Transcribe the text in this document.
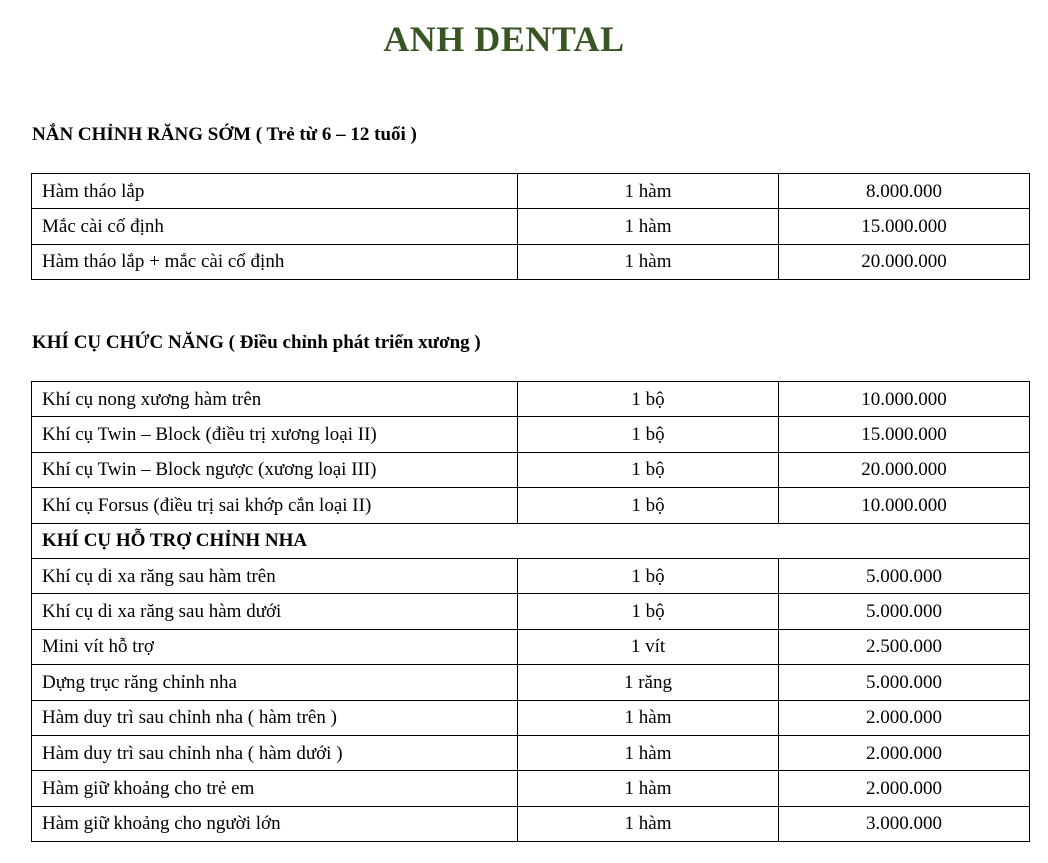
ANH DENTAL
NẮN CHỈNH RĂNG SỚM ( Trẻ từ 6 – 12 tuổi )
Hàm tháo lắp	1 hàm	8.000.000
Mắc cài cố định	1 hàm	15.000.000
Hàm tháo lắp + mắc cài cố định	1 hàm	20.000.000
KHÍ CỤ CHỨC NĂNG ( Điều chỉnh phát triển xương )
Khí cụ nong xương hàm trên	1 bộ	10.000.000
Khí cụ Twin – Block (điều trị xương loại II)	1 bộ	15.000.000
Khí cụ Twin – Block ngược (xương loại III)	1 bộ	20.000.000
Khí cụ Forsus (điều trị sai khớp cắn loại II)	1 bộ	10.000.000
KHÍ CỤ HỖ TRỢ CHỈNH NHA		
Khí cụ di xa răng sau hàm trên	1 bộ	5.000.000
Khí cụ di xa răng sau hàm dưới	1 bộ	5.000.000
Mini vít hỗ trợ	1 vít	2.500.000
Dựng trục răng chỉnh nha	1 răng	5.000.000
Hàm duy trì sau chỉnh nha ( hàm trên )	1 hàm	2.000.000
Hàm duy trì sau chỉnh nha ( hàm dưới )	1 hàm	2.000.000
Hàm giữ khoảng cho trẻ em	1 hàm	2.000.000
Hàm giữ khoảng cho người lớn	1 hàm	3.000.000
